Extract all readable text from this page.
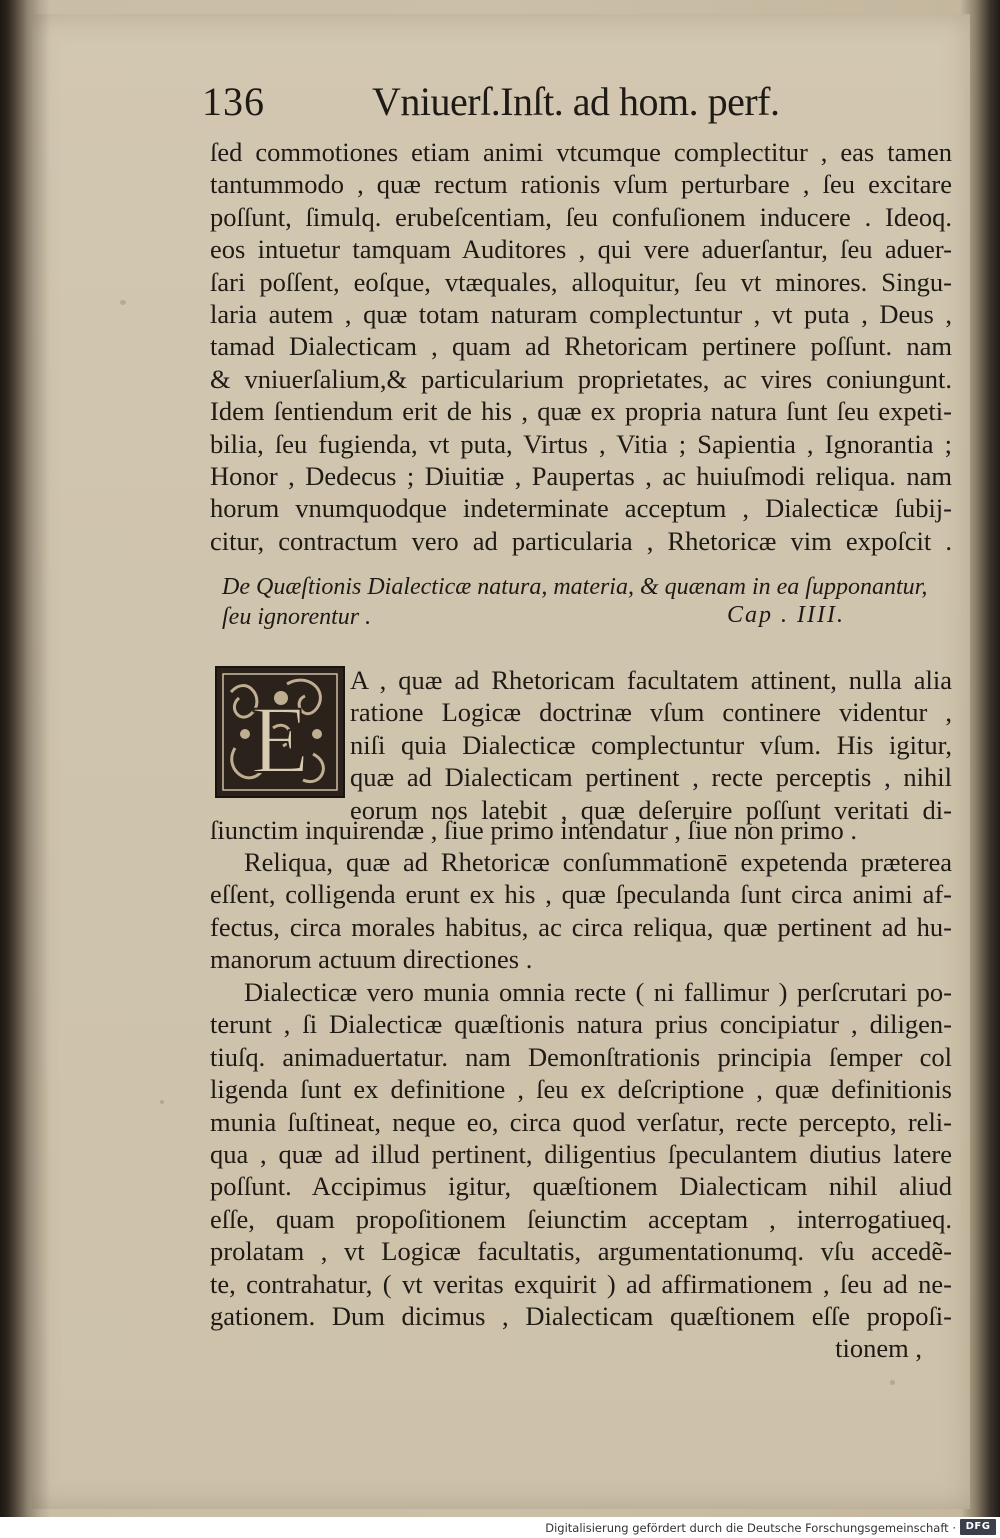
136	Vniuerſ.Inſt. ad hom. perf.
ſed commotiones etiam animi vtcumque complectitur , eas tamen
tantummodo , quæ rectum rationis vſum perturbare , ſeu excitare
poſſunt, ſimulq. erubeſcentiam, ſeu confuſionem inducere . Ideoq.
eos intuetur tamquam Auditores , qui vere aduerſantur, ſeu aduer-
ſari poſſent, eoſque, vtæquales, alloquitur, ſeu vt minores. Singu-
laria autem , quæ totam naturam complectuntur , vt puta , Deus ,
tamad Dialecticam , quam ad Rhetoricam pertinere poſſunt. nam
& vniuerſalium,& particularium proprietates, ac vires coniungunt.
Idem ſentiendum erit de his , quæ ex propria natura ſunt ſeu expeti-
bilia, ſeu fugienda, vt puta, Virtus , Vitia ; Sapientia , Ignorantia ;
Honor , Dedecus ; Diuitiæ , Paupertas , ac huiuſmodi reliqua. nam
horum vnumquodque indeterminate acceptum , Dialecticæ ſubij-
citur, contractum vero ad particularia , Rhetoricæ vim expoſcit .
De Quæſtionis Dialecticæ natura, materia, & quænam in ea ſupponantur,
ſeu ignorentur .	Cap . IIII.
E
A , quæ ad Rhetoricam facultatem attinent, nulla alia
ratione Logicæ doctrinæ vſum continere videntur ,
niſi quia Dialecticæ complectuntur vſum. His igitur,
quæ ad Dialecticam pertinent , recte perceptis , nihil
eorum nos latebit , quæ deſeruire poſſunt veritati di-
ſiunctim inquirendæ , ſiue primo intendatur , ſiue non primo .
Reliqua, quæ ad Rhetoricæ conſummationē expetenda præterea
eſſent, colligenda erunt ex his , quæ ſpeculanda ſunt circa animi af-
fectus, circa morales habitus, ac circa reliqua, quæ pertinent ad hu-
manorum actuum directiones .
Dialecticæ vero munia omnia recte ( ni fallimur ) perſcrutari po-
terunt , ſi Dialecticæ quæſtionis natura prius concipiatur , diligen-
tiuſq. animaduertatur. nam Demonſtrationis principia ſemper col
ligenda ſunt ex definitione , ſeu ex deſcriptione , quæ definitionis
munia ſuſtineat, neque eo, circa quod verſatur, recte percepto, reli-
qua , quæ ad illud pertinent, diligentius ſpeculantem diutius latere
poſſunt. Accipimus igitur, quæſtionem Dialecticam nihil aliud
eſſe, quam propoſitionem ſeiunctim acceptam , interrogatiueq.
prolatam , vt Logicæ facultatis, argumentationumq. vſu accedẽ-
te, contrahatur, ( vt veritas exquirit ) ad affirmationem , ſeu ad ne-
gationem. Dum dicimus , Dialecticam quæſtionem eſſe propoſi-
tionem ,
Digitalisierung gefördert durch die Deutsche Forschungsgemeinschaft · DFG
